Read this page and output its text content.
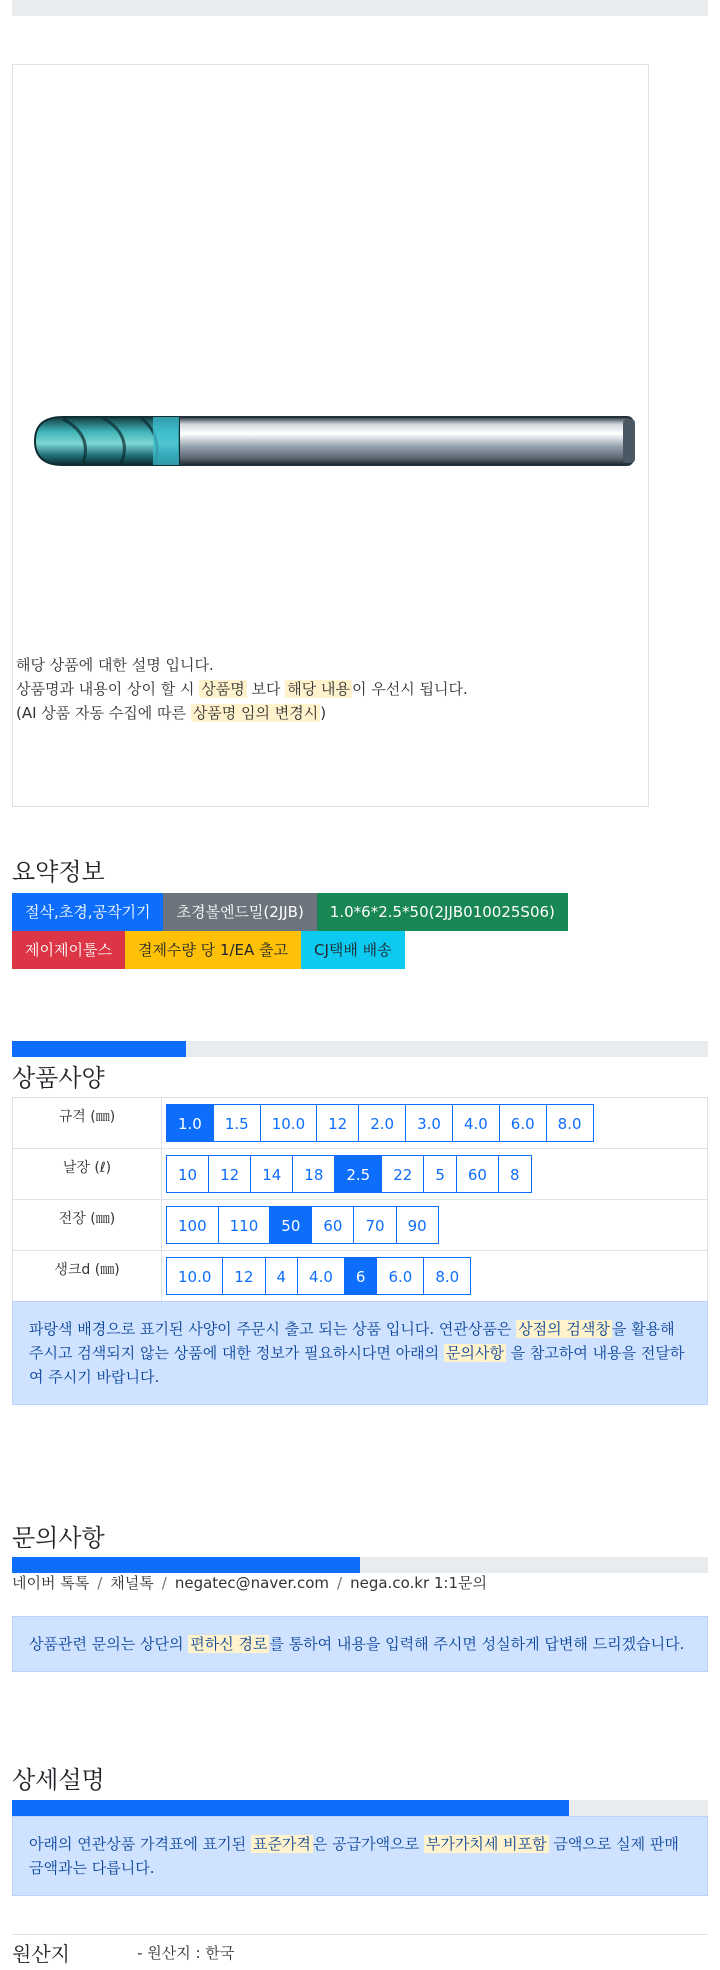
해당 상품에 대한 설명 입니다.
상품명과 내용이 상이 할 시 상품명 보다 해당 내용 이 우선시 됩니다.
(AI 상품 자동 수집에 따른 상품명 임의 변경시 )
요약정보
절삭,초경,공작기기	초경볼엔드밀(2JJB)	1.0*6*2.5*50(2JJB010025S06)
제이제이툴스	결제수량 당 1/EA 출고	CJ택배 배송
상품사양
규격 (㎜)	1.0 1.5 10.0 12 2.0 3.0 4.0 6.0 8.0
날장 (ℓ)	10 12 14 18 2.5 22 5 60 8
전장 (㎜)	100 110 50 60 70 90
생크d (㎜)	10.0 12 4 4.0 6 6.0 8.0
파랑색 배경으로 표기된 사양이 주문시 출고 되는 상품 입니다. 연관상품은 상점의 검색창 을 활용해 주시고 검색되지 않는 상품에 대한 정보가 필요하시다면 아래의 문의사항 을 참고하여 내용을 전달하여 주시기 바랍니다.
문의사항
네이버 톡톡 / 채널톡 / negatec@naver.com / nega.co.kr 1:1문의
상품관련 문의는 상단의 편하신 경로 를 통하여 내용을 입력해 주시면 성실하게 답변해 드리겠습니다.
상세설명
아래의 연관상품 가격표에 표기된 표준가격 은 공급가액으로 부가가치세 비포함 금액으로 실제 판매금액과는 다릅니다.
원산지	- 원산지 : 한국
